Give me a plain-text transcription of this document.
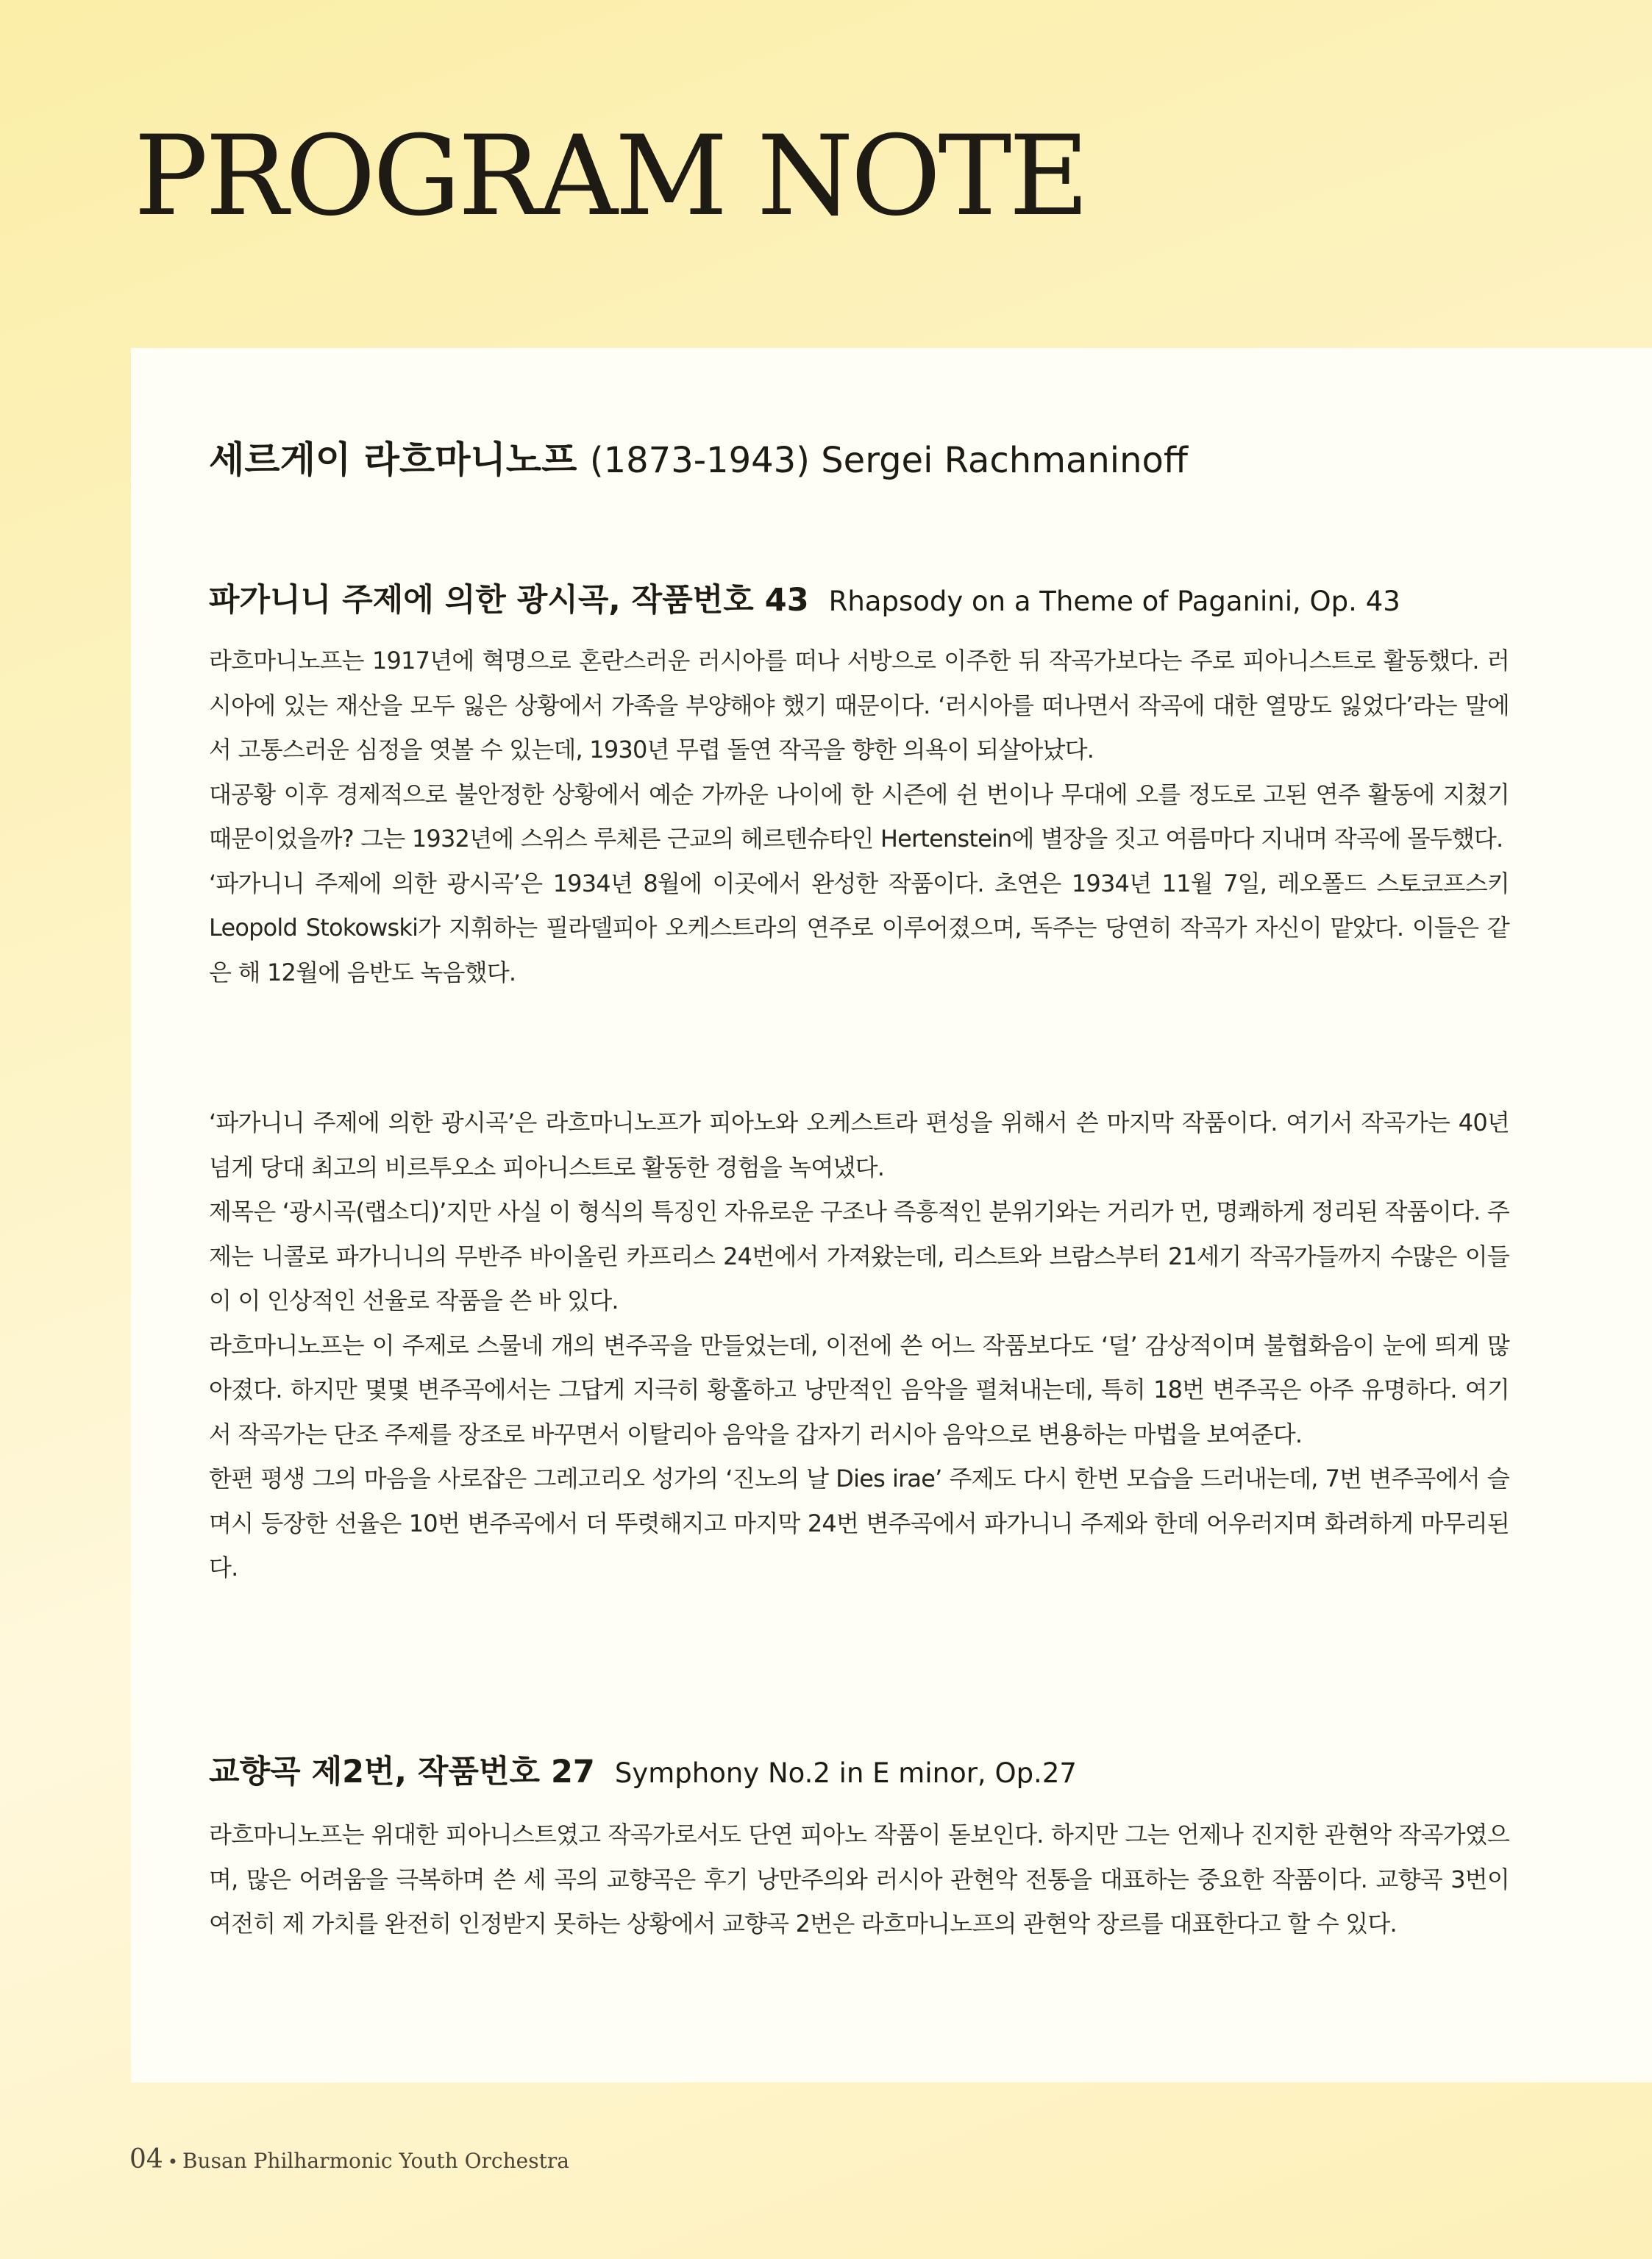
PROGRAM NOTE
세르게이 라흐마니노프 (1873-1943) Sergei Rachmaninoff
파가니니 주제에 의한 광시곡, 작품번호 43 Rhapsody on a Theme of Paganini, Op. 43

라흐마니노프는 1917년에 혁명으로 혼란스러운 러시아를 떠나 서방으로 이주한 뒤 작곡가보다는 주로 피아니스트로 활동했다. 러시아에 있는 재산을 모두 잃은 상황에서 가족을 부양해야 했기 때문이다. ‘러시아를 떠나면서 작곡에 대한 열망도 잃었다’라는 말에서 고통스러운 심정을 엿볼 수 있는데, 1930년 무렵 돌연 작곡을 향한 의욕이 되살아났다.

대공황 이후 경제적으로 불안정한 상황에서 예순 가까운 나이에 한 시즌에 쉰 번이나 무대에 오를 정도로 고된 연주 활동에 지쳤기 때문이었을까? 그는 1932년에 스위스 루체른 근교의 헤르텐슈타인 Hertenstein에 별장을 짓고 여름마다 지내며 작곡에 몰두했다.

‘파가니니 주제에 의한 광시곡’은 1934년 8월에 이곳에서 완성한 작품이다. 초연은 1934년 11월 7일, 레오폴드 스토코프스키 Leopold Stokowski가 지휘하는 필라델피아 오케스트라의 연주로 이루어졌으며, 독주는 당연히 작곡가 자신이 맡았다. 이들은 같은 해 12월에 음반도 녹음했다.

‘파가니니 주제에 의한 광시곡’은 라흐마니노프가 피아노와 오케스트라 편성을 위해서 쓴 마지막 작품이다. 여기서 작곡가는 40년 넘게 당대 최고의 비르투오소 피아니스트로 활동한 경험을 녹여냈다.

제목은 ‘광시곡(랩소디)’지만 사실 이 형식의 특징인 자유로운 구조나 즉흥적인 분위기와는 거리가 먼, 명쾌하게 정리된 작품이다. 주제는 니콜로 파가니니의 무반주 바이올린 카프리스 24번에서 가져왔는데, 리스트와 브람스부터 21세기 작곡가들까지 수많은 이들이 이 인상적인 선율로 작품을 쓴 바 있다.

라흐마니노프는 이 주제로 스물네 개의 변주곡을 만들었는데, 이전에 쓴 어느 작품보다도 ‘덜’ 감상적이며 불협화음이 눈에 띄게 많아졌다. 하지만 몇몇 변주곡에서는 그답게 지극히 황홀하고 낭만적인 음악을 펼쳐내는데, 특히 18번 변주곡은 아주 유명하다. 여기서 작곡가는 단조 주제를 장조로 바꾸면서 이탈리아 음악을 갑자기 러시아 음악으로 변용하는 마법을 보여준다.

한편 평생 그의 마음을 사로잡은 그레고리오 성가의 ‘진노의 날 Dies irae’ 주제도 다시 한번 모습을 드러내는데, 7번 변주곡에서 슬며시 등장한 선율은 10번 변주곡에서 더 뚜렷해지고 마지막 24번 변주곡에서 파가니니 주제와 한데 어우러지며 화려하게 마무리된다.

교향곡 제2번, 작품번호 27 Symphony No.2 in E minor, Op.27

라흐마니노프는 위대한 피아니스트였고 작곡가로서도 단연 피아노 작품이 돋보인다. 하지만 그는 언제나 진지한 관현악 작곡가였으며, 많은 어려움을 극복하며 쓴 세 곡의 교향곡은 후기 낭만주의와 러시아 관현악 전통을 대표하는 중요한 작품이다. 교향곡 3번이 여전히 제 가치를 완전히 인정받지 못하는 상황에서 교향곡 2번은 라흐마니노프의 관현악 장르를 대표한다고 할 수 있다.

04 • Busan Philharmonic Youth Orchestra
